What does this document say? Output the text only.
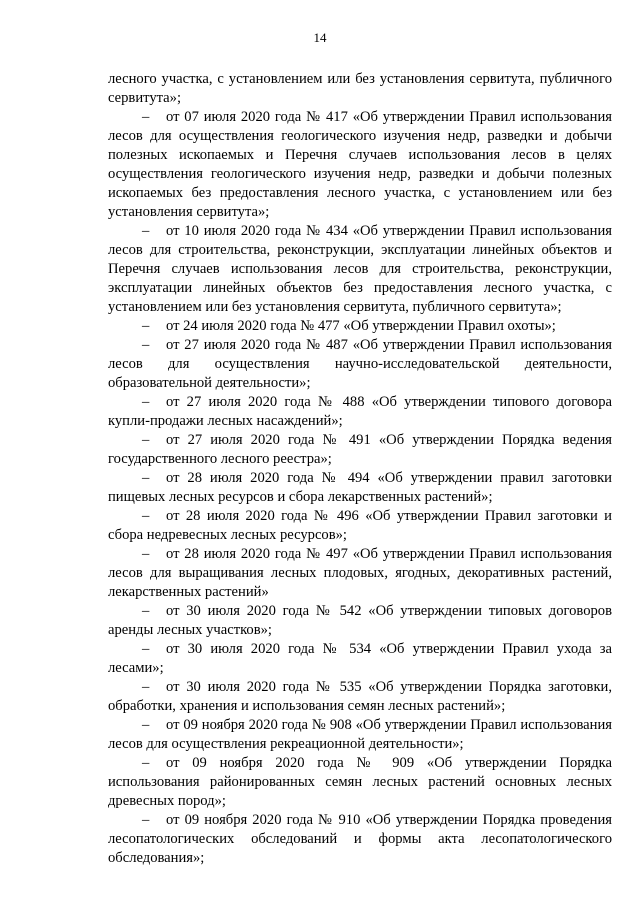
14

лесного участка, с установлением или без установления сервитута, публичного сервитута»;

– от 07 июля 2020 года № 417 «Об утверждении Правил использования лесов для осуществления геологического изучения недр, разведки и добычи полезных ископаемых и Перечня случаев использования лесов в целях осуществления геологического изучения недр, разведки и добычи полезных ископаемых без предоставления лесного участка, с установлением или без установления сервитута»;

– от 10 июля 2020 года № 434 «Об утверждении Правил использования лесов для строительства, реконструкции, эксплуатации линейных объектов и Перечня случаев использования лесов для строительства, реконструкции, эксплуатации линейных объектов без предоставления лесного участка, с установлением или без установления сервитута, публичного сервитута»;

– от 24 июля 2020 года № 477 «Об утверждении Правил охоты»;

– от 27 июля 2020 года № 487 «Об утверждении Правил использования лесов для осуществления научно-исследовательской деятельности, образовательной деятельности»;

– от 27 июля 2020 года № 488 «Об утверждении типового договора купли-продажи лесных насаждений»;

– от 27 июля 2020 года № 491 «Об утверждении Порядка ведения государственного лесного реестра»;

– от 28 июля 2020 года № 494 «Об утверждении правил заготовки пищевых лесных ресурсов и сбора лекарственных растений»;

– от 28 июля 2020 года № 496 «Об утверждении Правил заготовки и сбора недревесных лесных ресурсов»;

– от 28 июля 2020 года № 497 «Об утверждении Правил использования лесов для выращивания лесных плодовых, ягодных, декоративных растений, лекарственных растений»

– от 30 июля 2020 года № 542 «Об утверждении типовых договоров аренды лесных участков»;

– от 30 июля 2020 года № 534 «Об утверждении Правил ухода за лесами»;

– от 30 июля 2020 года № 535 «Об утверждении Порядка заготовки, обработки, хранения и использования семян лесных растений»;

– от 09 ноября 2020 года № 908 «Об утверждении Правил использования лесов для осуществления рекреационной деятельности»;

– от 09 ноября 2020 года № 909 «Об утверждении Порядка использования районированных семян лесных растений основных лесных древесных пород»;

– от 09 ноября 2020 года № 910 «Об утверждении Порядка проведения лесопатологических обследований и формы акта лесопатологического обследования»;
